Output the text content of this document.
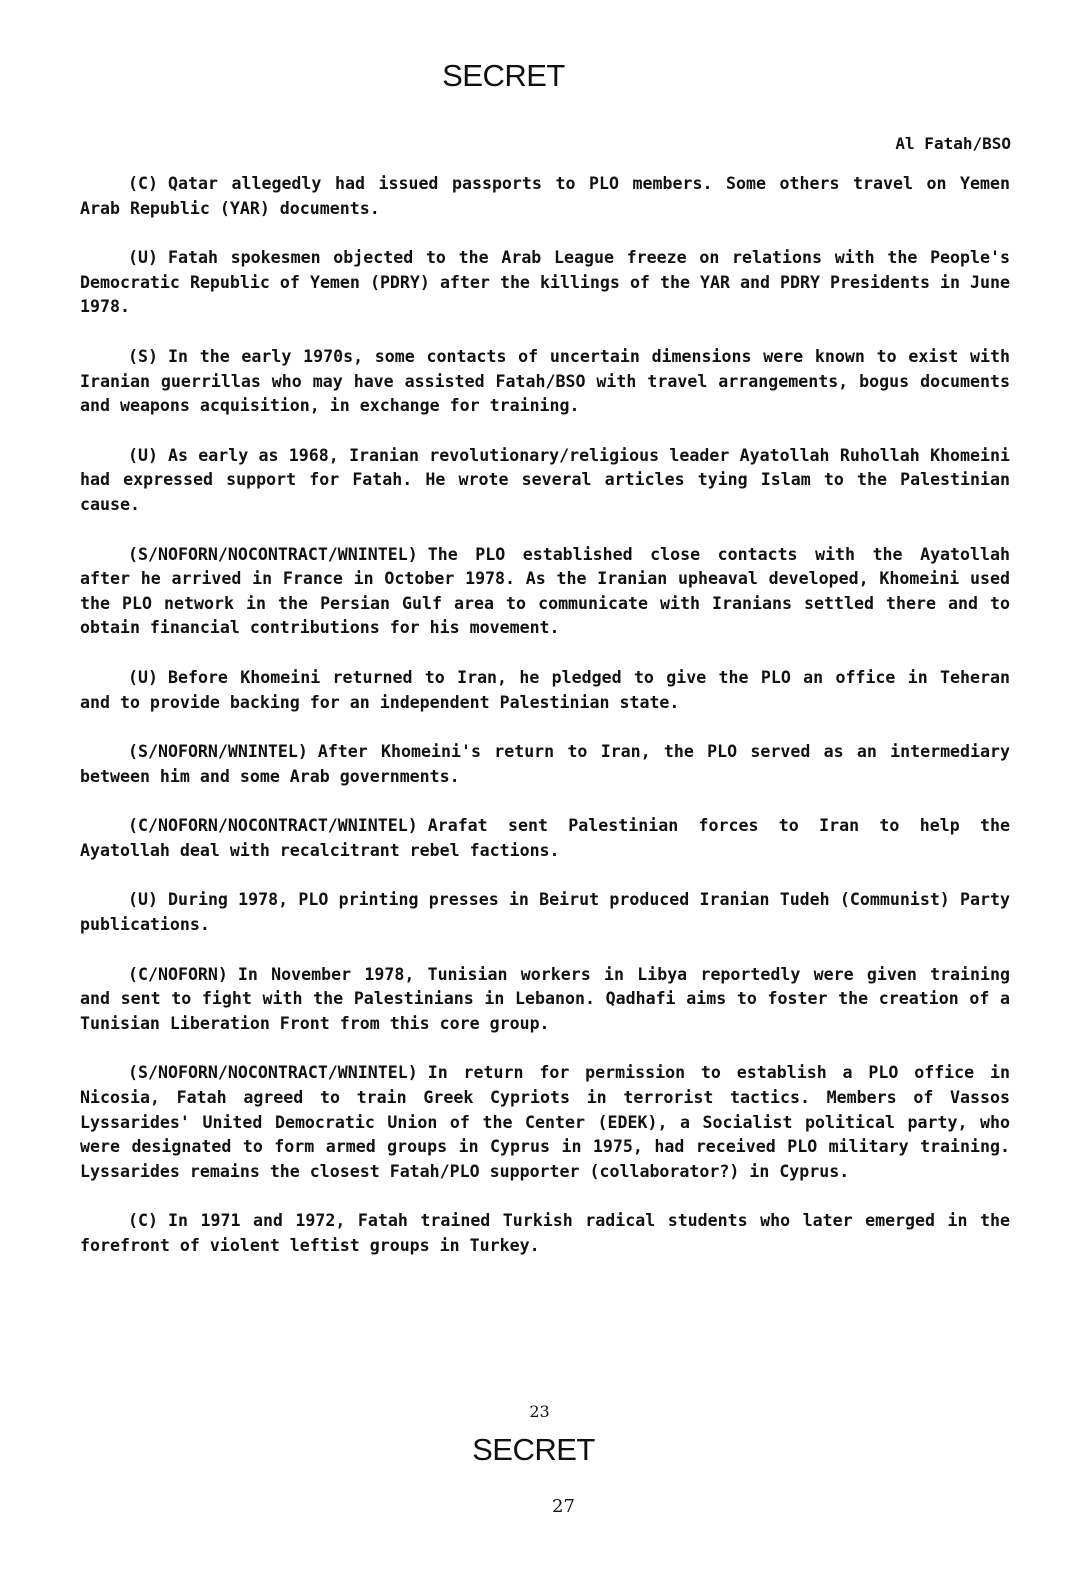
SECRET
Al Fatah/BSO

(C) Qatar allegedly had issued passports to PLO members. Some others travel on Yemen Arab Republic (YAR) documents.

(U) Fatah spokesmen objected to the Arab League freeze on relations with the People's Democratic Republic of Yemen (PDRY) after the killings of the YAR and PDRY Presidents in June 1978.

(S) In the early 1970s, some contacts of uncertain dimensions were known to exist with Iranian guerrillas who may have assisted Fatah/BSO with travel arrangements, bogus documents and weapons acquisition, in exchange for training.

(U) As early as 1968, Iranian revolutionary/religious leader Ayatollah Ruhollah Khomeini had expressed support for Fatah. He wrote several articles tying Islam to the Palestinian cause.

(S/NOFORN/NOCONTRACT/WNINTEL) The PLO established close contacts with the Ayatollah after he arrived in France in October 1978. As the Iranian upheaval developed, Khomeini used the PLO network in the Persian Gulf area to communicate with Iranians settled there and to obtain financial contributions for his movement.

(U) Before Khomeini returned to Iran, he pledged to give the PLO an office in Teheran and to provide backing for an independent Palestinian state.

(S/NOFORN/WNINTEL) After Khomeini's return to Iran, the PLO served as an intermediary between him and some Arab governments.

(C/NOFORN/NOCONTRACT/WNINTEL) Arafat sent Palestinian forces to Iran to help the Ayatollah deal with recalcitrant rebel factions.

(U) During 1978, PLO printing presses in Beirut produced Iranian Tudeh (Communist) Party publications.

(C/NOFORN) In November 1978, Tunisian workers in Libya reportedly were given training and sent to fight with the Palestinians in Lebanon. Qadhafi aims to foster the creation of a Tunisian Liberation Front from this core group.

(S/NOFORN/NOCONTRACT/WNINTEL) In return for permission to establish a PLO office in Nicosia, Fatah agreed to train Greek Cypriots in terrorist tactics. Members of Vassos Lyssarides' United Democratic Union of the Center (EDEK), a Socialist political party, who were designated to form armed groups in Cyprus in 1975, had received PLO military training. Lyssarides remains the closest Fatah/PLO supporter (collaborator?) in Cyprus.

(C) In 1971 and 1972, Fatah trained Turkish radical students who later emerged in the forefront of violent leftist groups in Turkey.

23
SECRET
27
